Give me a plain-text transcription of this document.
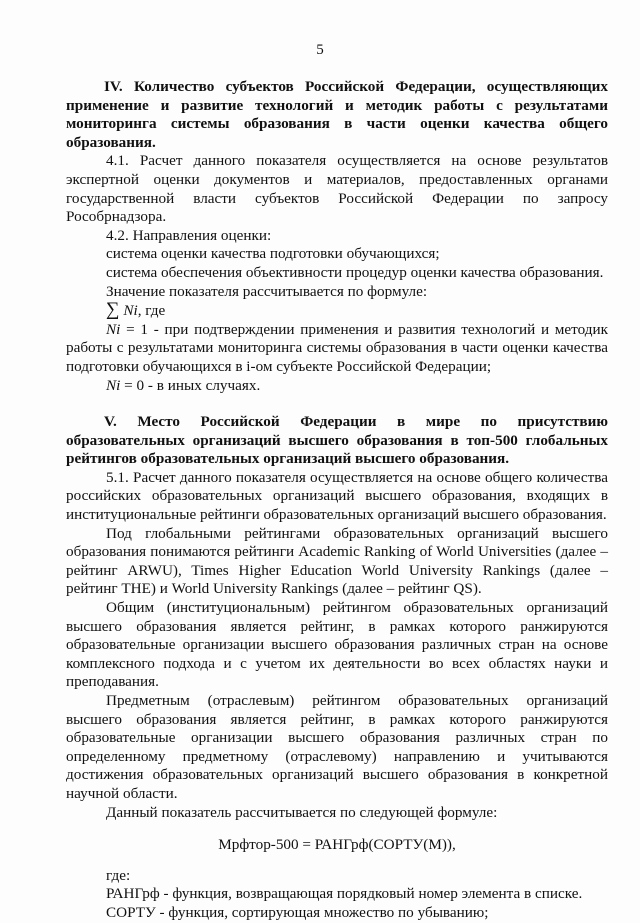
5

IV. Количество субъектов Российской Федерации, осуществляющих применение и развитие технологий и методик работы с результатами мониторинга системы образования в части оценки качества общего образования.

4.1. Расчет данного показателя осуществляется на основе результатов экспертной оценки документов и материалов, предоставленных органами государственной власти субъектов Российской Федерации по запросу Рособрнадзора.

4.2. Направления оценки:

система оценки качества подготовки обучающихся;

система обеспечения объективности процедур оценки качества образования.

Значение показателя рассчитывается по формуле:

∑ Ni, где

Ni = 1 - при подтверждении применения и развития технологий и методик работы с результатами мониторинга системы образования в части оценки качества подготовки обучающихся в i-ом субъекте Российской Федерации;

Ni = 0 - в иных случаях.

V. Место Российской Федерации в мире по присутствию образовательных организаций высшего образования в топ-500 глобальных рейтингов образовательных организаций высшего образования.

5.1. Расчет данного показателя осуществляется на основе общего количества российских образовательных организаций высшего образования, входящих в институциональные рейтинги образовательных организаций высшего образования.

Под глобальными рейтингами образовательных организаций высшего образования понимаются рейтинги Academic Ranking of World Universities (далее – рейтинг ARWU), Times Higher Education World University Rankings (далее – рейтинг THE) и World University Rankings (далее – рейтинг QS).

Общим (институциональным) рейтингом образовательных организаций высшего образования является рейтинг, в рамках которого ранжируются образовательные организации высшего образования различных стран на основе комплексного подхода и с учетом их деятельности во всех областях науки и преподавания.

Предметным (отраслевым) рейтингом образовательных организаций высшего образования является рейтинг, в рамках которого ранжируются образовательные организации высшего образования различных стран по определенному предметному (отраслевому) направлению и учитываются достижения образовательных организаций высшего образования в конкретной научной области.

Данный показатель рассчитывается по следующей формуле:

Мрфтор-500 = РАНГрф(СОРТУ(M)),

где:

РАНГрф - функция, возвращающая порядковый номер элемента в списке.

СОРТУ - функция, сортирующая множество по убыванию;
